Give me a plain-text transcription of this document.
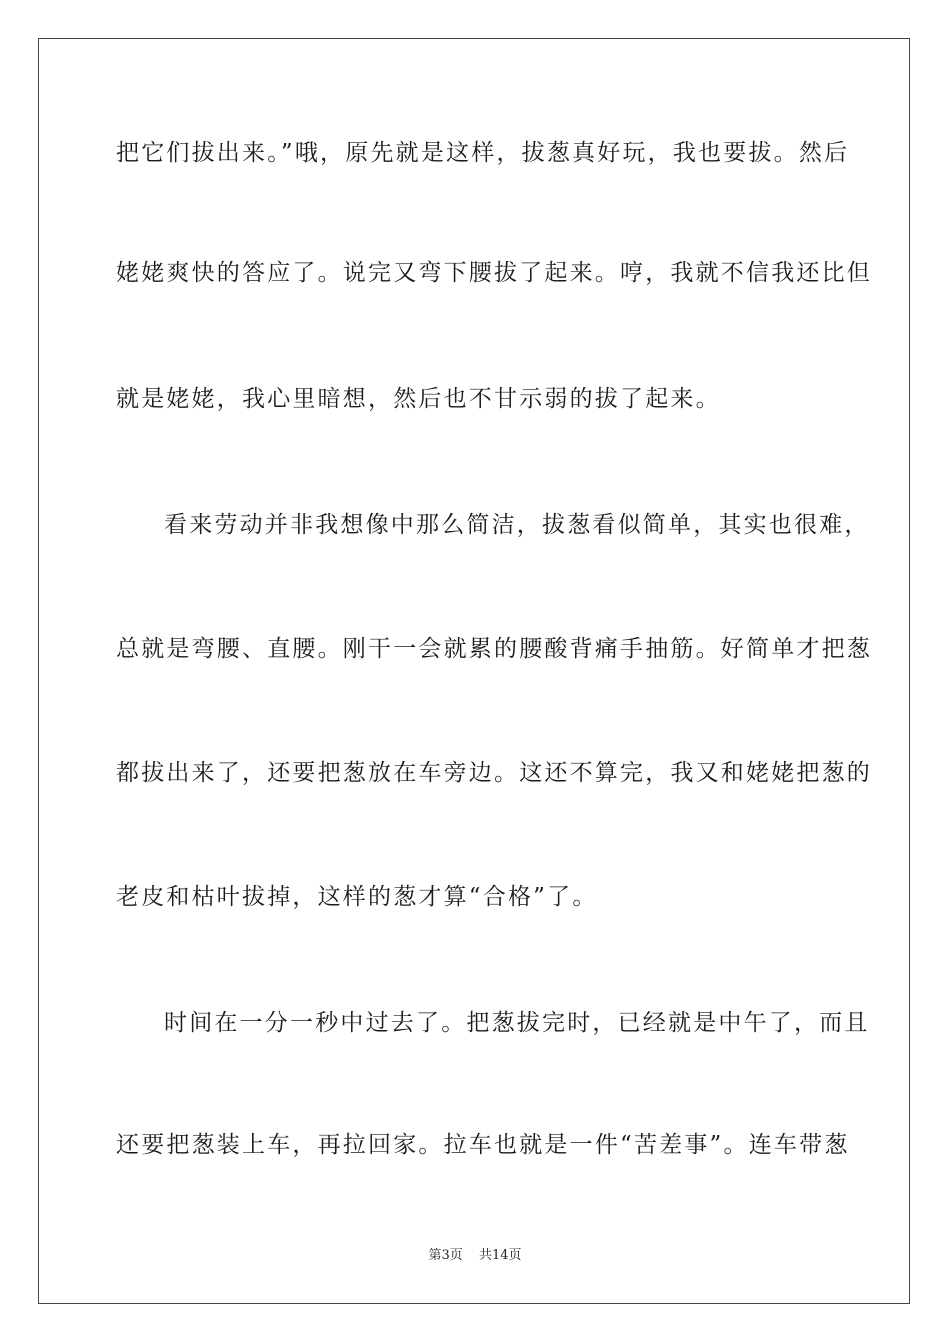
把它们拔出来。”哦，原先就是这样，拔葱真好玩，我也要拔。然后
姥姥爽快的答应了。说完又弯下腰拔了起来。哼，我就不信我还比但
就是姥姥，我心里暗想，然后也不甘示弱的拔了起来。
看来劳动并非我想像中那么简洁，拔葱看似简单，其实也很难，
总就是弯腰、直腰。刚干一会就累的腰酸背痛手抽筋。好简单才把葱
都拔出来了，还要把葱放在车旁边。这还不算完，我又和姥姥把葱的
老皮和枯叶拔掉，这样的葱才算“合格”了。
时间在一分一秒中过去了。把葱拔完时，已经就是中午了，而且
还要把葱装上车，再拉回家。拉车也就是一件“苦差事”。连车带葱
第3页 共14页
